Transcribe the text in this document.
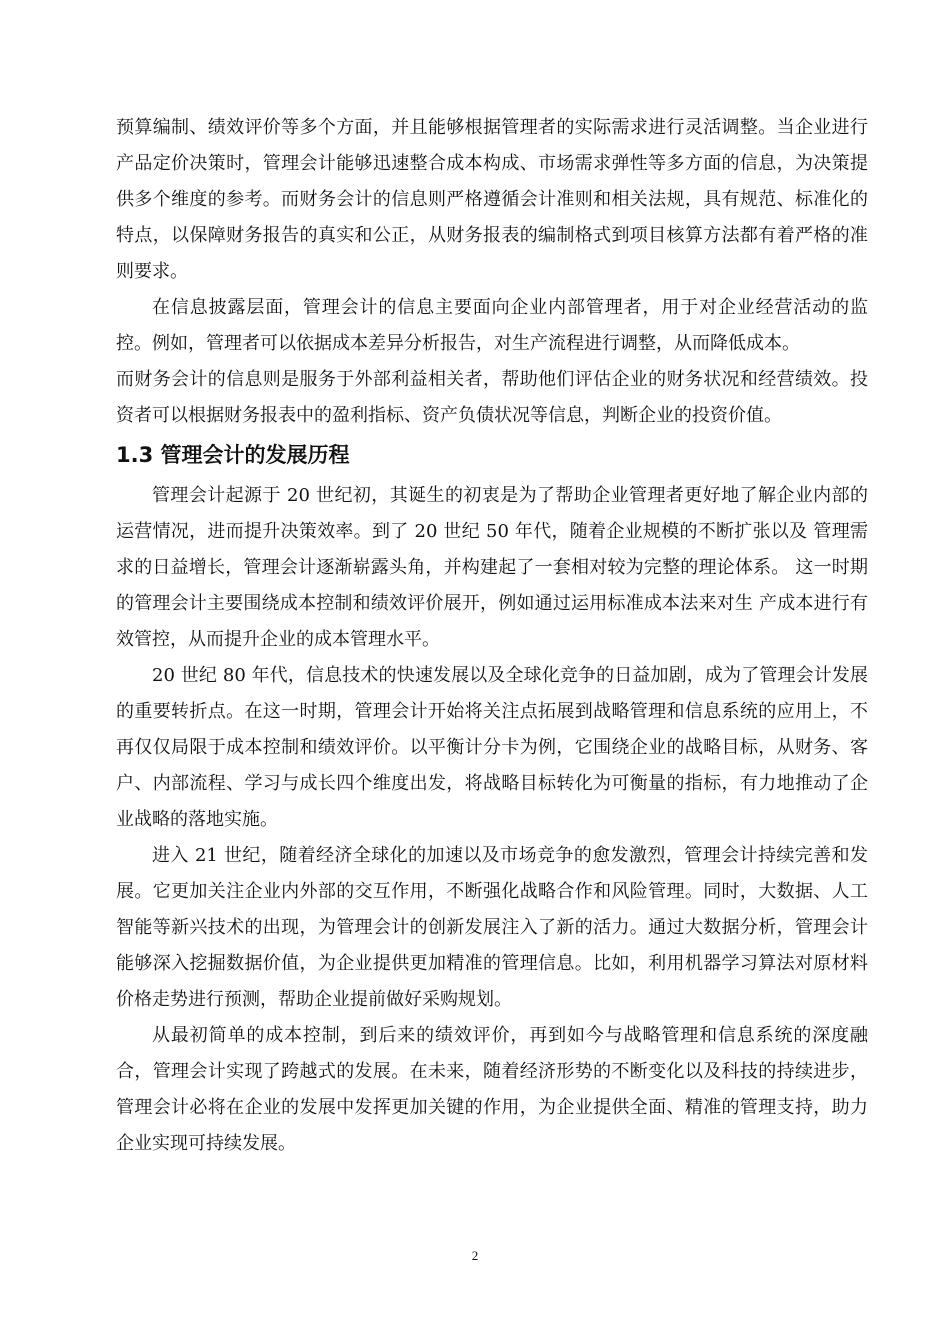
预算编制、绩效评价等多个方面，并且能够根据管理者的实际需求进行灵活调整。当企业进行产品定价决策时，管理会计能够迅速整合成本构成、市场需求弹性等多方面的信息，为决策提供多个维度的参考。而财务会计的信息则严格遵循会计准则和相关法规，具有规范、标准化的特点，以保障财务报告的真实和公正，从财务报表的编制格式到项目核算方法都有着严格的准则要求。

在信息披露层面，管理会计的信息主要面向企业内部管理者，用于对企业经营活动的监控。例如，管理者可以依据成本差异分析报告，对生产流程进行调整，从而降低成本。

而财务会计的信息则是服务于外部利益相关者，帮助他们评估企业的财务状况和经营绩效。投资者可以根据财务报表中的盈利指标、资产负债状况等信息，判断企业的投资价值。

1.3 管理会计的发展历程

管理会计起源于 20 世纪初，其诞生的初衷是为了帮助企业管理者更好地了解企业内部的运营情况，进而提升决策效率。到了 20 世纪 50 年代，随着企业规模的不断扩张以及 管理需求的日益增长，管理会计逐渐崭露头角，并构建起了一套相对较为完整的理论体系。 这一时期的管理会计主要围绕成本控制和绩效评价展开，例如通过运用标准成本法来对生 产成本进行有效管控，从而提升企业的成本管理水平。

20 世纪 80 年代，信息技术的快速发展以及全球化竞争的日益加剧，成为了管理会计发展的重要转折点。在这一时期，管理会计开始将关注点拓展到战略管理和信息系统的应用上，不再仅仅局限于成本控制和绩效评价。以平衡计分卡为例，它围绕企业的战略目标，从财务、客户、内部流程、学习与成长四个维度出发，将战略目标转化为可衡量的指标，有力地推动了企业战略的落地实施。

进入 21 世纪，随着经济全球化的加速以及市场竞争的愈发激烈，管理会计持续完善和发展。它更加关注企业内外部的交互作用，不断强化战略合作和风险管理。同时，大数据、人工智能等新兴技术的出现，为管理会计的创新发展注入了新的活力。通过大数据分析，管理会计能够深入挖掘数据价值，为企业提供更加精准的管理信息。比如，利用机器学习算法对原材料价格走势进行预测，帮助企业提前做好采购规划。

从最初简单的成本控制，到后来的绩效评价，再到如今与战略管理和信息系统的深度融合，管理会计实现了跨越式的发展。在未来，随着经济形势的不断变化以及科技的持续进步，管理会计必将在企业的发展中发挥更加关键的作用，为企业提供全面、精准的管理支持，助力企业实现可持续发展。

2
